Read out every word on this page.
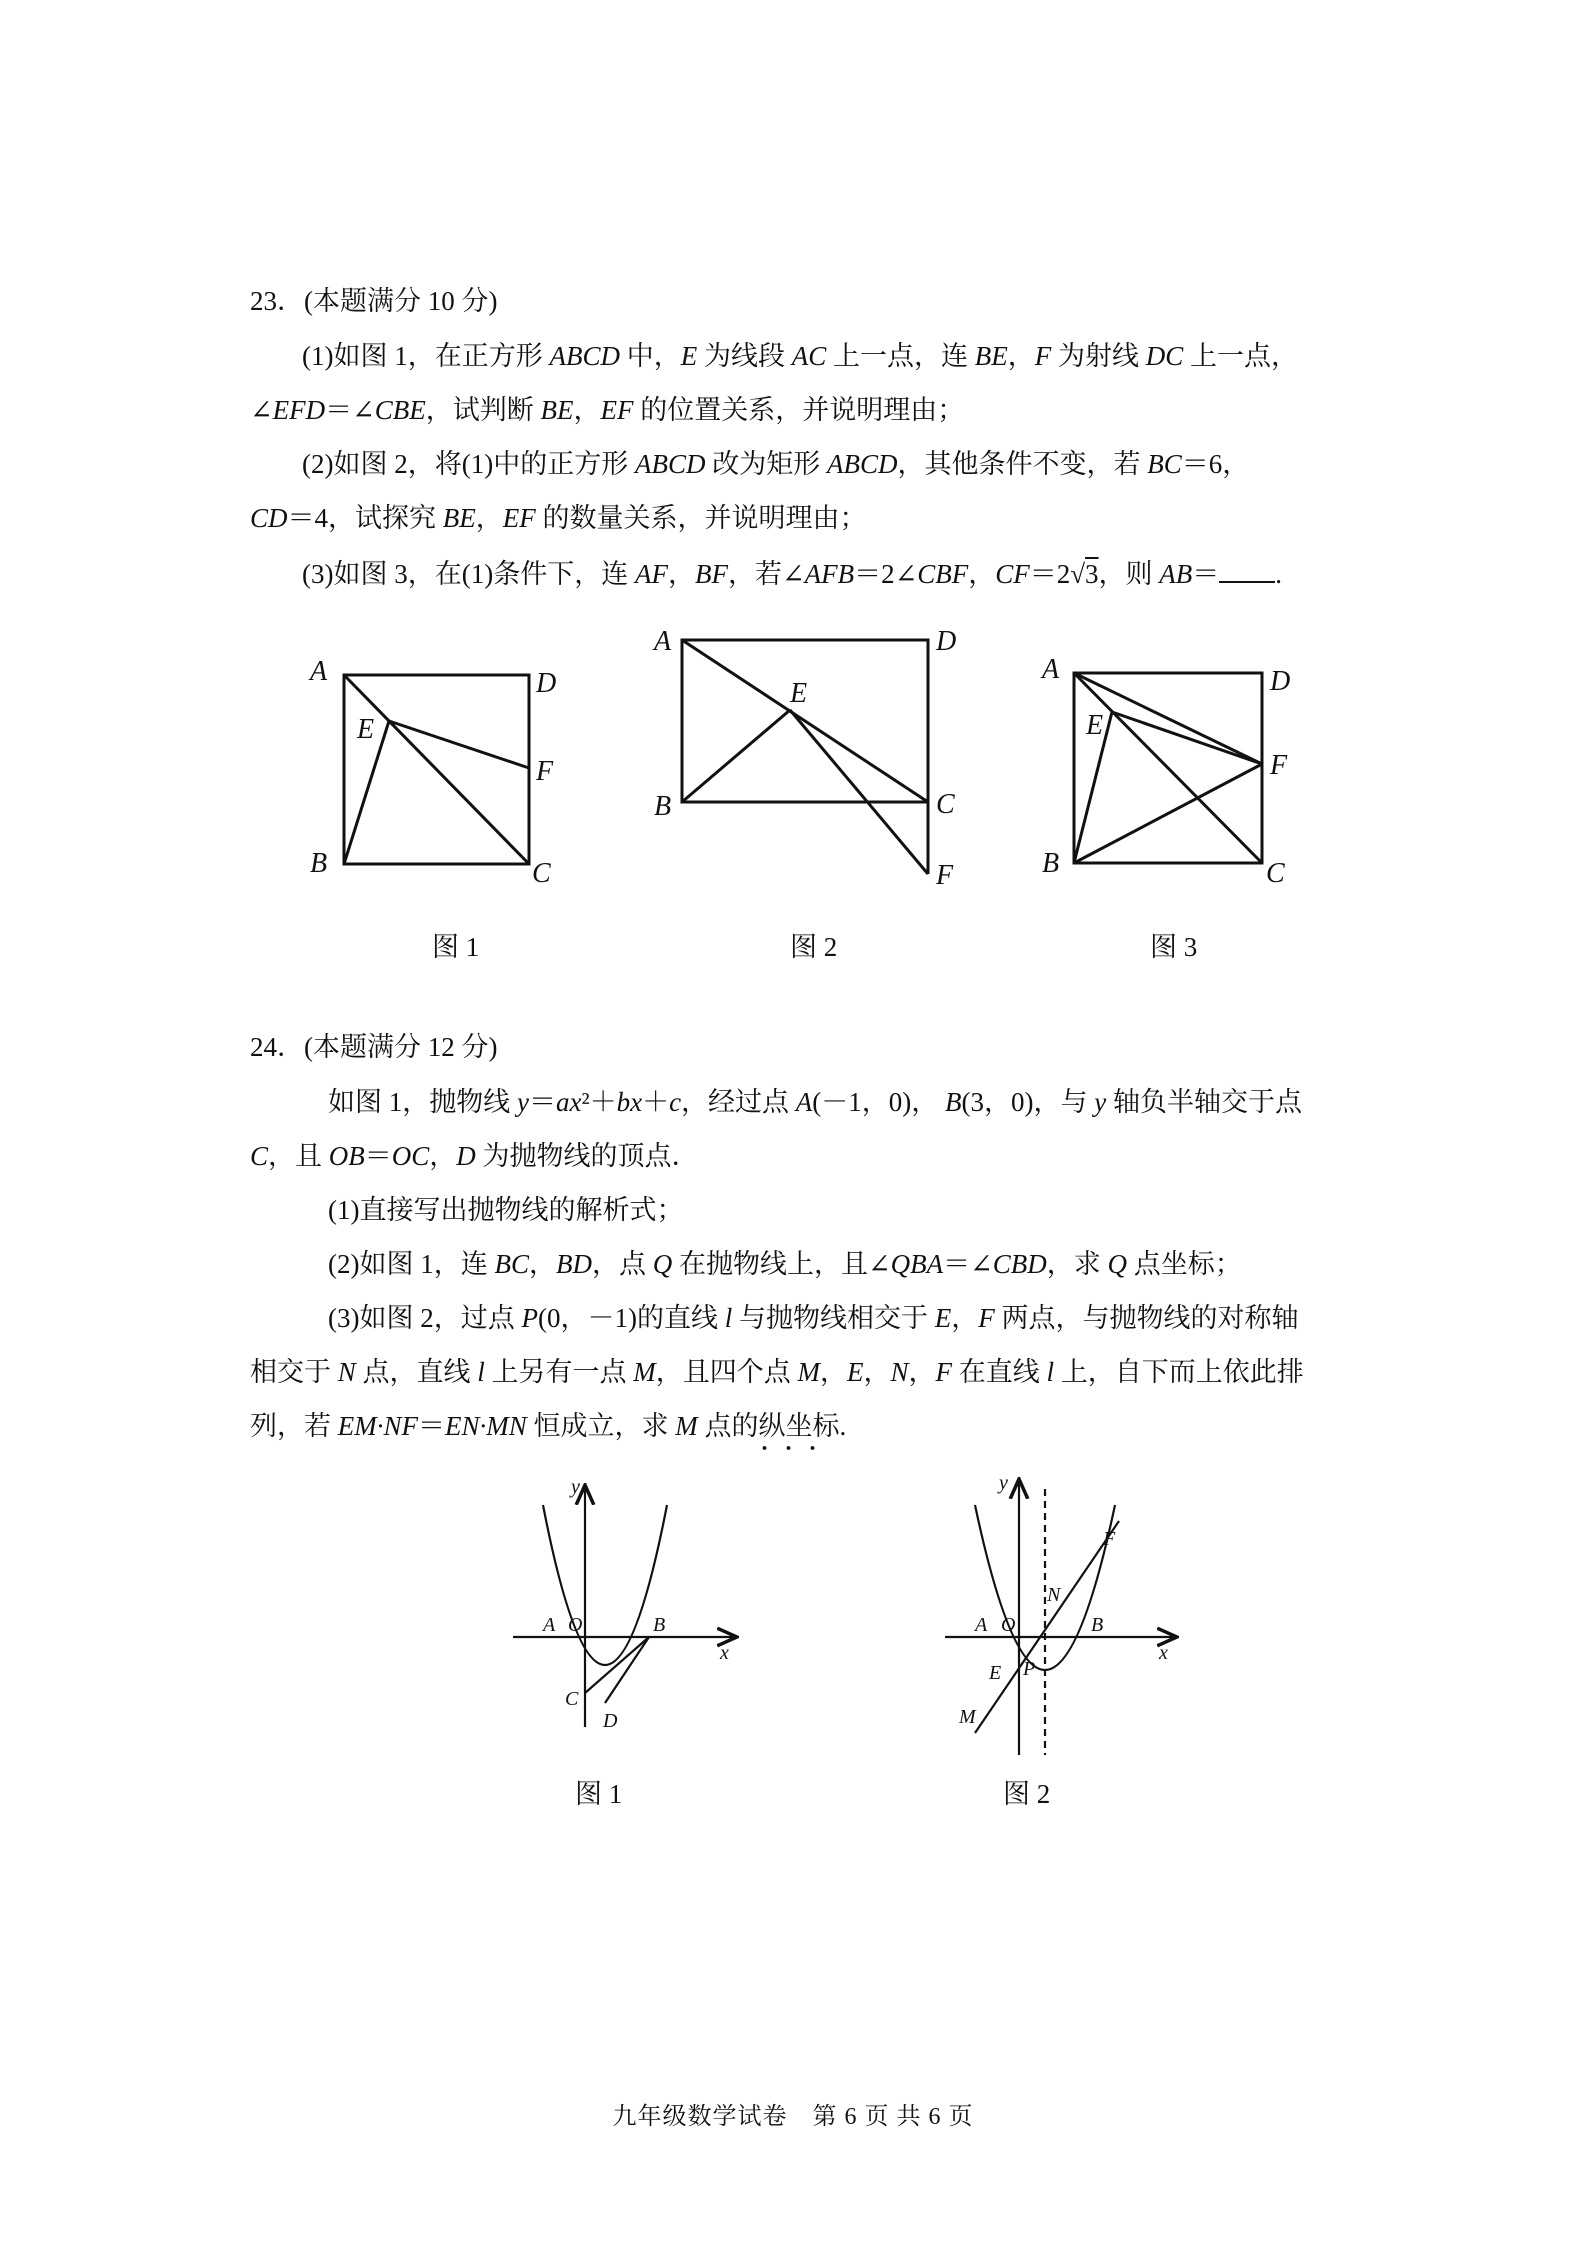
23．(本题满分 10 分)
(1)如图 1，在正方形 ABCD 中，E 为线段 AC 上一点，连 BE，F 为射线 DC 上一点，
∠EFD＝∠CBE，试判断 BE，EF 的位置关系，并说明理由；
(2)如图 2，将(1)中的正方形 ABCD 改为矩形 ABCD，其他条件不变，若 BC＝6，
CD＝4，试探究 BE，EF 的数量关系，并说明理由；
(3)如图 3，在(1)条件下，连 AF，BF，若∠AFB＝2∠CBF，CF＝2√3，则 AB＝ .
A	D
E
F
B	C
A	D
E
B	C
F
A	D
E
F
B	C
图 1	图 2	图 3
24．(本题满分 12 分)
如图 1，抛物线 y＝ax²＋bx＋c，经过点 A(－1，0)， B(3，0)，与 y 轴负半轴交于点
C，且 OB＝OC，D 为抛物线的顶点．
(1)直接写出抛物线的解析式；
(2)如图 1，连 BC，BD，点 Q 在抛物线上，且∠QBA＝∠CBD，求 Q 点坐标；
(3)如图 2，过点 P(0，－1)的直线 l 与抛物线相交于 E，F 两点，与抛物线的对称轴
相交于 N 点，直线 l 上另有一点 M，且四个点 M，E，N，F 在直线 l 上，自下而上依此排
列，若 EM·NF＝EN·MN 恒成立，求 M 点的纵坐标 · · ·.
y
x
A O	B
C
D
y
x
A O	B
N
F
E P
M
图 1	图 2
九年级数学试卷　第 6 页 共 6 页
